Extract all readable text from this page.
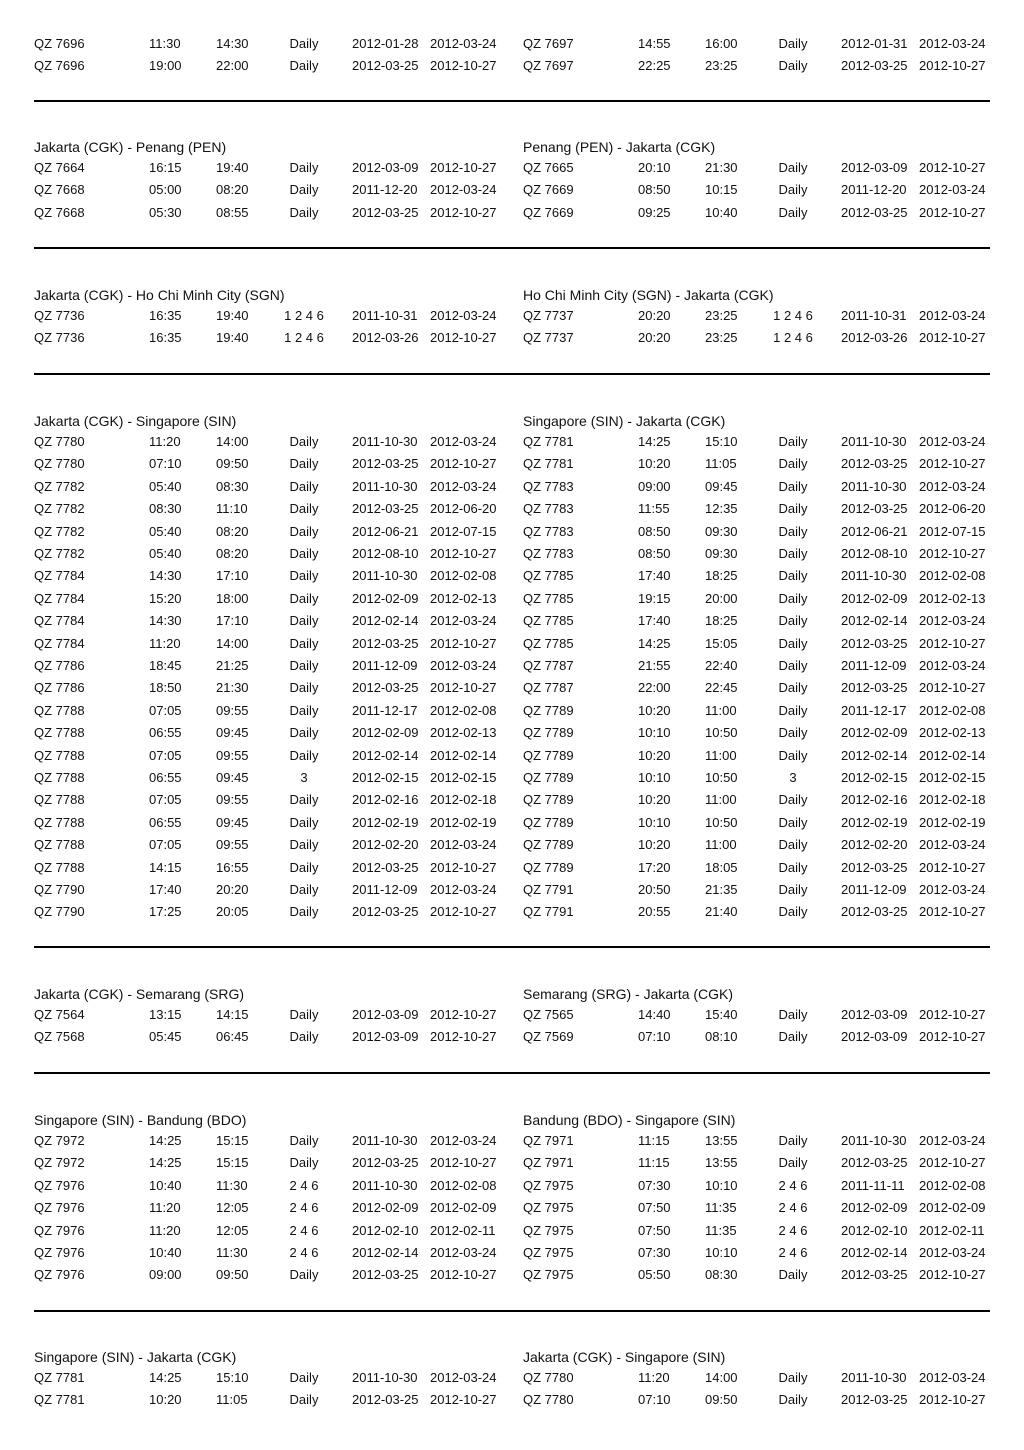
QZ 7696	11:30	14:30	Daily	2012-01-28 2012-03-24
QZ 7696	19:00	22:00	Daily	2012-03-25 2012-10-27
QZ 7697	14:55	16:00	Daily	2012-01-31 2012-03-24
QZ 7697	22:25	23:25	Daily	2012-03-25 2012-10-27
Jakarta (CGK) - Penang (PEN)
QZ 7664	16:15	19:40	Daily	2012-03-09 2012-10-27
QZ 7668	05:00	08:20	Daily	2011-12-20 2012-03-24
QZ 7668	05:30	08:55	Daily	2012-03-25 2012-10-27
Penang (PEN) - Jakarta (CGK)
QZ 7665	20:10	21:30	Daily	2012-03-09 2012-10-27
QZ 7669	08:50	10:15	Daily	2011-12-20 2012-03-24
QZ 7669	09:25	10:40	Daily	2012-03-25 2012-10-27
Jakarta (CGK) - Ho Chi Minh City (SGN)
QZ 7736	16:35	19:40	1 2 4 6	2011-10-31 2012-03-24
QZ 7736	16:35	19:40	1 2 4 6	2012-03-26 2012-10-27
Ho Chi Minh City (SGN) - Jakarta (CGK)
QZ 7737	20:20	23:25	1 2 4 6	2011-10-31 2012-03-24
QZ 7737	20:20	23:25	1 2 4 6	2012-03-26 2012-10-27
Jakarta (CGK) - Singapore (SIN)
QZ 7780	11:20	14:00	Daily	2011-10-30 2012-03-24
QZ 7780	07:10	09:50	Daily	2012-03-25 2012-10-27
QZ 7782	05:40	08:30	Daily	2011-10-30 2012-03-24
QZ 7782	08:30	11:10	Daily	2012-03-25 2012-06-20
QZ 7782	05:40	08:20	Daily	2012-06-21 2012-07-15
QZ 7782	05:40	08:20	Daily	2012-08-10 2012-10-27
QZ 7784	14:30	17:10	Daily	2011-10-30 2012-02-08
QZ 7784	15:20	18:00	Daily	2012-02-09 2012-02-13
QZ 7784	14:30	17:10	Daily	2012-02-14 2012-03-24
QZ 7784	11:20	14:00	Daily	2012-03-25 2012-10-27
QZ 7786	18:45	21:25	Daily	2011-12-09 2012-03-24
QZ 7786	18:50	21:30	Daily	2012-03-25 2012-10-27
QZ 7788	07:05	09:55	Daily	2011-12-17 2012-02-08
QZ 7788	06:55	09:45	Daily	2012-02-09 2012-02-13
QZ 7788	07:05	09:55	Daily	2012-02-14 2012-02-14
QZ 7788	06:55	09:45	3	2012-02-15 2012-02-15
QZ 7788	07:05	09:55	Daily	2012-02-16 2012-02-18
QZ 7788	06:55	09:45	Daily	2012-02-19 2012-02-19
QZ 7788	07:05	09:55	Daily	2012-02-20 2012-03-24
QZ 7788	14:15	16:55	Daily	2012-03-25 2012-10-27
QZ 7790	17:40	20:20	Daily	2011-12-09 2012-03-24
QZ 7790	17:25	20:05	Daily	2012-03-25 2012-10-27
Singapore (SIN) - Jakarta (CGK)
QZ 7781	14:25	15:10	Daily	2011-10-30 2012-03-24
QZ 7781	10:20	11:05	Daily	2012-03-25 2012-10-27
QZ 7783	09:00	09:45	Daily	2011-10-30 2012-03-24
QZ 7783	11:55	12:35	Daily	2012-03-25 2012-06-20
QZ 7783	08:50	09:30	Daily	2012-06-21 2012-07-15
QZ 7783	08:50	09:30	Daily	2012-08-10 2012-10-27
QZ 7785	17:40	18:25	Daily	2011-10-30 2012-02-08
QZ 7785	19:15	20:00	Daily	2012-02-09 2012-02-13
QZ 7785	17:40	18:25	Daily	2012-02-14 2012-03-24
QZ 7785	14:25	15:05	Daily	2012-03-25 2012-10-27
QZ 7787	21:55	22:40	Daily	2011-12-09 2012-03-24
QZ 7787	22:00	22:45	Daily	2012-03-25 2012-10-27
QZ 7789	10:20	11:00	Daily	2011-12-17 2012-02-08
QZ 7789	10:10	10:50	Daily	2012-02-09 2012-02-13
QZ 7789	10:20	11:00	Daily	2012-02-14 2012-02-14
QZ 7789	10:10	10:50	3	2012-02-15 2012-02-15
QZ 7789	10:20	11:00	Daily	2012-02-16 2012-02-18
QZ 7789	10:10	10:50	Daily	2012-02-19 2012-02-19
QZ 7789	10:20	11:00	Daily	2012-02-20 2012-03-24
QZ 7789	17:20	18:05	Daily	2012-03-25 2012-10-27
QZ 7791	20:50	21:35	Daily	2011-12-09 2012-03-24
QZ 7791	20:55	21:40	Daily	2012-03-25 2012-10-27
Jakarta (CGK) - Semarang (SRG)
QZ 7564	13:15	14:15	Daily	2012-03-09 2012-10-27
QZ 7568	05:45	06:45	Daily	2012-03-09 2012-10-27
Semarang (SRG) - Jakarta (CGK)
QZ 7565	14:40	15:40	Daily	2012-03-09 2012-10-27
QZ 7569	07:10	08:10	Daily	2012-03-09 2012-10-27
Singapore (SIN) - Bandung (BDO)
QZ 7972	14:25	15:15	Daily	2011-10-30 2012-03-24
QZ 7972	14:25	15:15	Daily	2012-03-25 2012-10-27
QZ 7976	10:40	11:30	2 4 6	2011-10-30 2012-02-08
QZ 7976	11:20	12:05	2 4 6	2012-02-09 2012-02-09
QZ 7976	11:20	12:05	2 4 6	2012-02-10 2012-02-11
QZ 7976	10:40	11:30	2 4 6	2012-02-14 2012-03-24
QZ 7976	09:00	09:50	Daily	2012-03-25 2012-10-27
Bandung (BDO) - Singapore (SIN)
QZ 7971	11:15	13:55	Daily	2011-10-30 2012-03-24
QZ 7971	11:15	13:55	Daily	2012-03-25 2012-10-27
QZ 7975	07:30	10:10	2 4 6	2011-11-11 2012-02-08
QZ 7975	07:50	11:35	2 4 6	2012-02-09 2012-02-09
QZ 7975	07:50	11:35	2 4 6	2012-02-10 2012-02-11
QZ 7975	07:30	10:10	2 4 6	2012-02-14 2012-03-24
QZ 7975	05:50	08:30	Daily	2012-03-25 2012-10-27
Singapore (SIN) - Jakarta (CGK)
QZ 7781	14:25	15:10	Daily	2011-10-30 2012-03-24
QZ 7781	10:20	11:05	Daily	2012-03-25 2012-10-27
Jakarta (CGK) - Singapore (SIN)
QZ 7780	11:20	14:00	Daily	2011-10-30 2012-03-24
QZ 7780	07:10	09:50	Daily	2012-03-25 2012-10-27
